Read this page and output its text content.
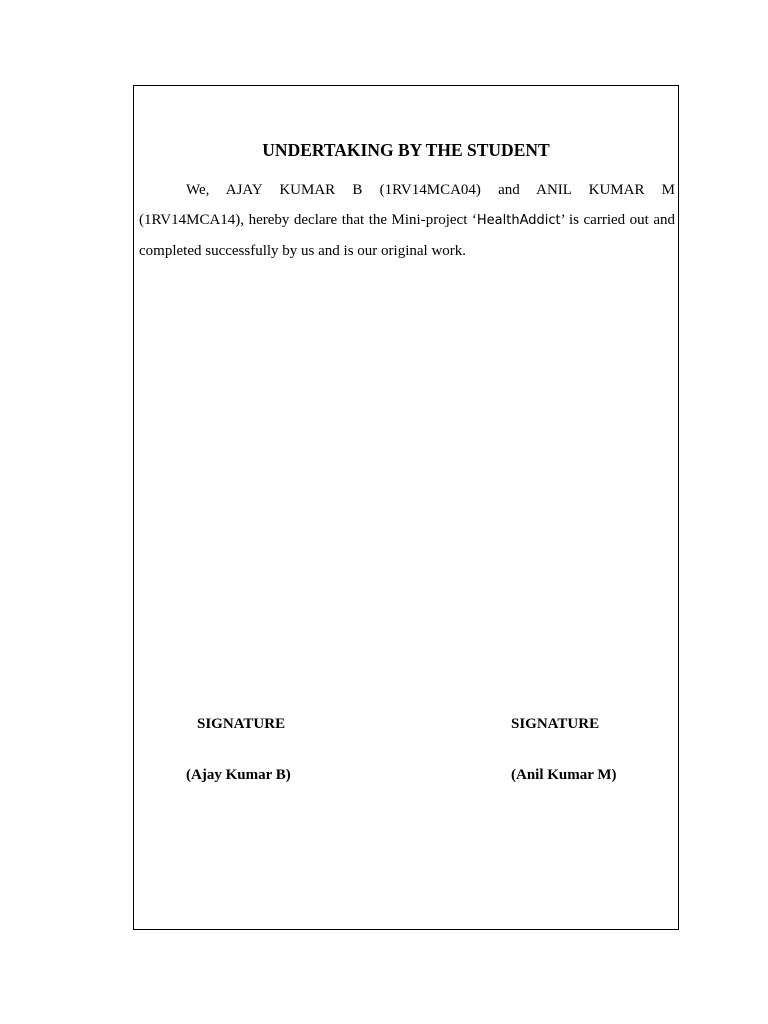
UNDERTAKING BY THE STUDENT

We, AJAY KUMAR B (1RV14MCA04) and ANIL KUMAR M (1RV14MCA14), hereby declare that the Mini-project ‘HealthAddict’ is carried out and completed successfully by us and is our original work.

SIGNATURE	SIGNATURE
(Ajay Kumar B)	(Anil Kumar M)
